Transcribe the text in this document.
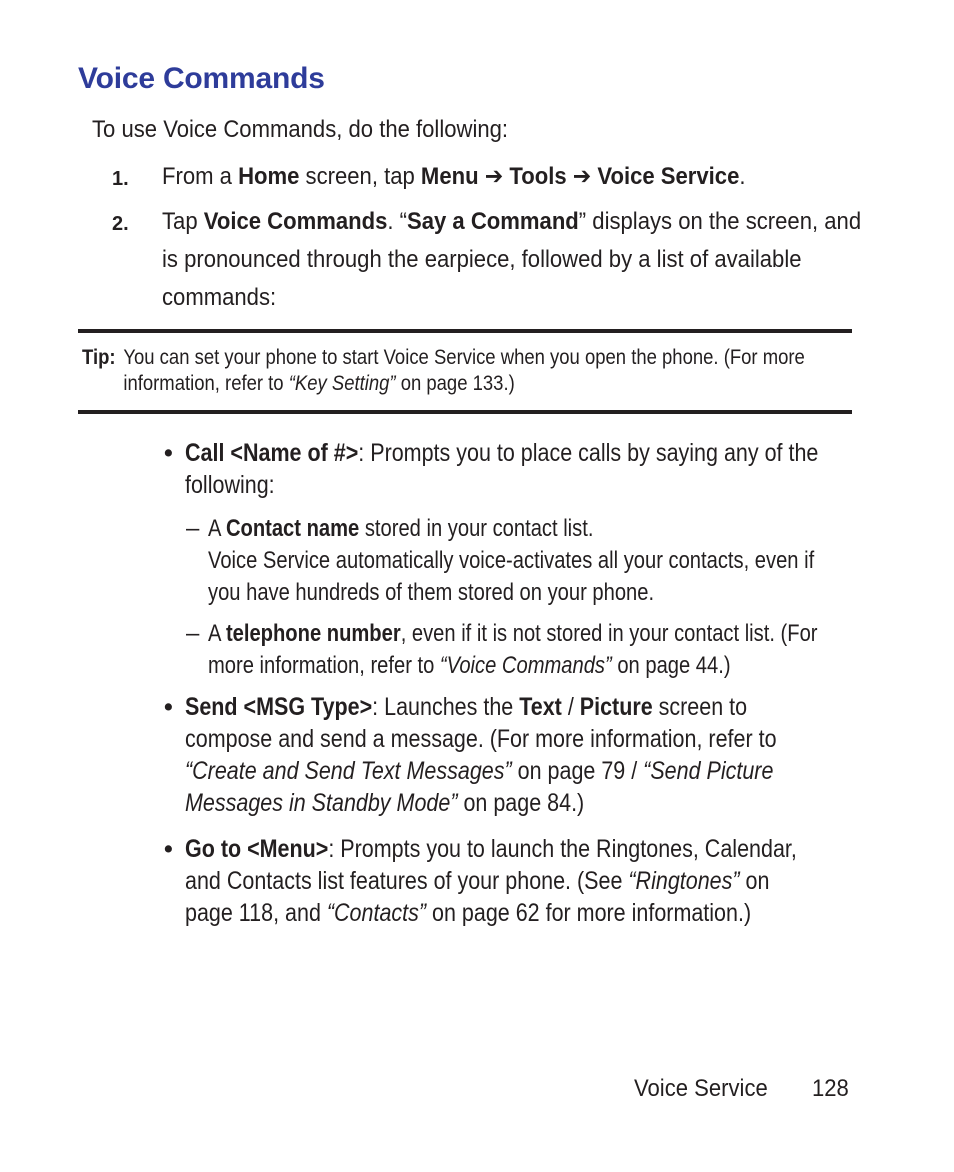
Voice Commands

To use Voice Commands, do the following:

1. From a Home screen, tap Menu ➔ Tools ➔ Voice Service.
2. Tap Voice Commands. “Say a Command” displays on the screen, and is pronounced through the earpiece, followed by a list of available commands:
Tip: You can set your phone to start Voice Service when you open the phone. (For more information, refer to “Key Setting” on page 133.)
• Call <Name of #>: Prompts you to place calls by saying any of the following:
– A Contact name stored in your contact list.
Voice Service automatically voice-activates all your contacts, even if you have hundreds of them stored on your phone.
– A telephone number, even if it is not stored in your contact list. (For more information, refer to “Voice Commands” on page 44.)
• Send <MSG Type>: Launches the Text / Picture screen to compose and send a message. (For more information, refer to “Create and Send Text Messages” on page 79 / “Send Picture Messages in Standby Mode” on page 84.)
• Go to <Menu>: Prompts you to launch the Ringtones, Calendar, and Contacts list features of your phone. (See “Ringtones” on page 118, and “Contacts” on page 62 for more information.)
Voice Service 128
